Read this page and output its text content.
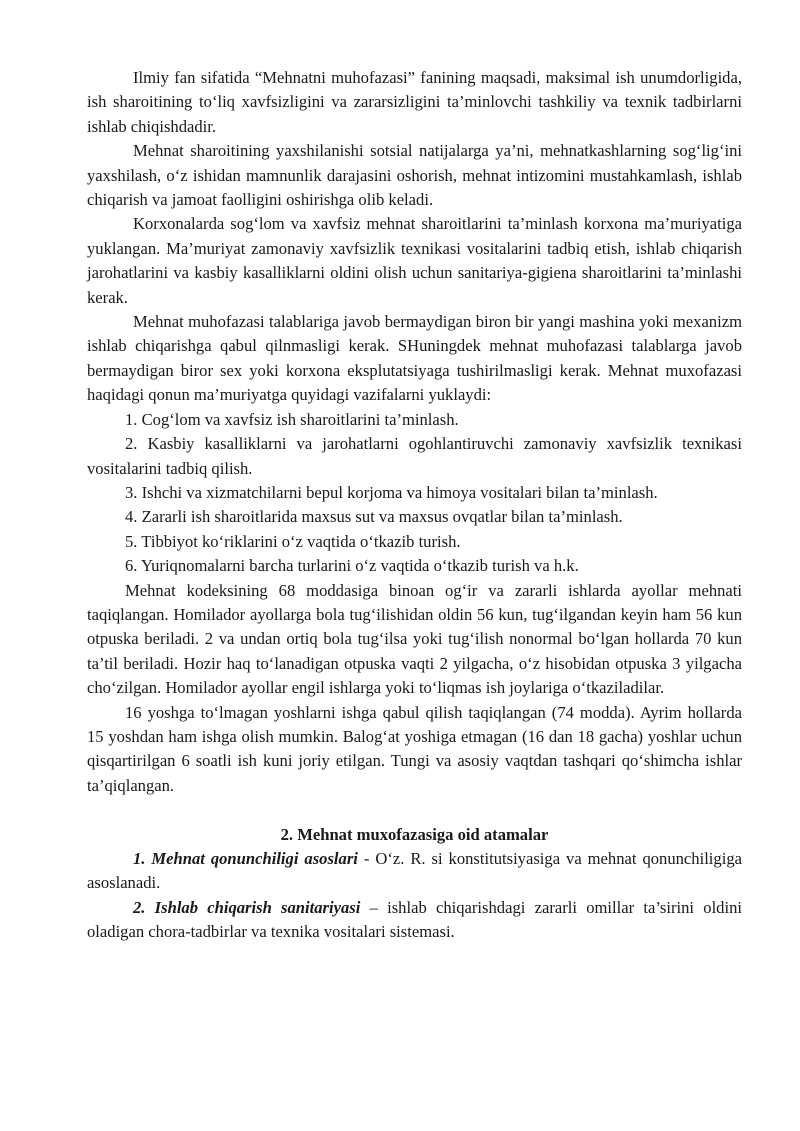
Ilmiy fan sifatida “Mehnatni muhofazasi” fanining maqsadi, maksimal ish unumdorligida, ish sharoitining to‘liq xavfsizligini va zararsizligini ta’minlovchi tashkiliy va texnik tadbirlarni ishlab chiqishdadir.

Mehnat sharoitining yaxshilanishi sotsial natijalarga ya’ni, mehnatkashlarning sog‘lig‘ini yaxshilash, o‘z ishidan mamnunlik darajasini oshorish, mehnat intizomini mustahkamlash, ishlab chiqarish va jamoat faolligini oshirishga olib keladi.

Korxonalarda sog‘lom va xavfsiz mehnat sharoitlarini ta’minlash korxona ma’muriyatiga yuklangan. Ma’muriyat zamonaviy xavfsizlik texnikasi vositalarini tadbiq etish, ishlab chiqarish jarohatlarini va kasbiy kasalliklarni oldini olish uchun sanitariya-gigiena sharoitlarini ta’minlashi kerak.

Mehnat muhofazasi talablariga javob bermaydigan biron bir yangi mashina yoki mexanizm ishlab chiqarishga qabul qilnmasligi kerak. SHuningdek mehnat muhofazasi talablarga javob bermaydigan biror sex yoki korxona eksplutatsiyaga tushirilmasligi kerak. Mehnat muxofazasi haqidagi qonun ma’muriyatga quyidagi vazifalarni yuklaydi:

1. Cog‘lom va xavfsiz ish sharoitlarini ta’minlash.

2. Kasbiy kasalliklarni va jarohatlarni ogohlantiruvchi zamonaviy xavfsizlik texnikasi vositalarini tadbiq qilish.

3. Ishchi va xizmatchilarni bepul korjoma va himoya vositalari bilan ta’minlash.

4. Zararli ish sharoitlarida maxsus sut va maxsus ovqatlar bilan ta’minlash.

5. Tibbiyot ko‘riklarini o‘z vaqtida o‘tkazib turish.

6. Yuriqnomalarni barcha turlarini o‘z vaqtida o‘tkazib turish va h.k.

Mehnat kodeksining 68 moddasiga binoan og‘ir va zararli ishlarda ayollar mehnati taqiqlangan. Homilador ayollarga bola tug‘ilishidan oldin 56 kun, tug‘ilgandan keyin ham 56 kun otpuska beriladi. 2 va undan ortiq bola tug‘ilsa yoki tug‘ilish nonormal bo‘lgan hollarda 70 kun ta’til beriladi. Hozir haq to‘lanadigan otpuska vaqti 2 yilgacha, o‘z hisobidan otpuska 3 yilgacha cho‘zilgan. Homilador ayollar engil ishlarga yoki to‘liqmas ish joylariga o‘tkaziladilar.

16 yoshga to‘lmagan yoshlarni ishga qabul qilish taqiqlangan (74 modda). Ayrim hollarda 15 yoshdan ham ishga olish mumkin. Balog‘at yoshiga etmagan (16 dan 18 gacha) yoshlar uchun qisqartirilgan 6 soatli ish kuni joriy etilgan. Tungi va asosiy vaqtdan tashqari qo‘shimcha ishlar ta’qiqlangan.

2. Mehnat muxofazasiga oid atamalar

1. Mehnat qonunchiligi asoslari - O‘z. R. si konstitutsiyasiga va mehnat qonunchiligiga asoslanadi.

2. Ishlab chiqarish sanitariyasi – ishlab chiqarishdagi zararli omillar ta’sirini oldini oladigan chora-tadbirlar va texnika vositalari sistemasi.
